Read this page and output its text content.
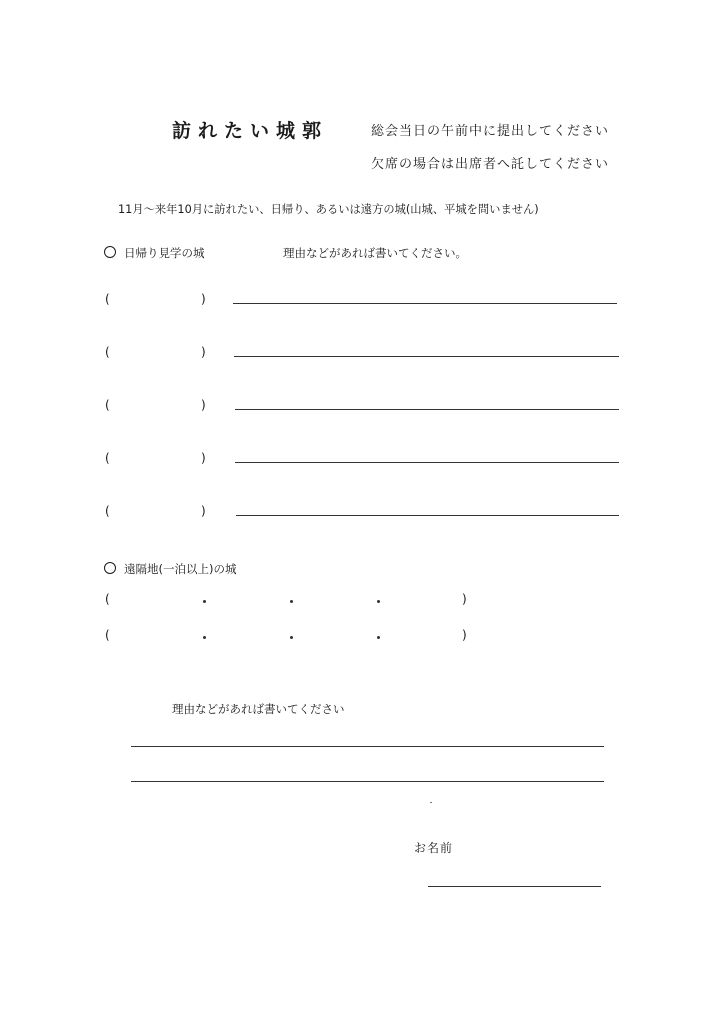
訪れたい城郭	総会当日の午前中に提出してください
欠席の場合は出席者へ託してください
11月～来年10月に訪れたい、日帰り、あるいは遠方の城(山城、平城を問いません)
日帰り見学の城	理由などがあれば書いてください。
(	)
(	)
(	)
(	)
(	)
遠隔地(一泊以上)の城
(	)
(	)
理由などがあれば書いてください
お名前
